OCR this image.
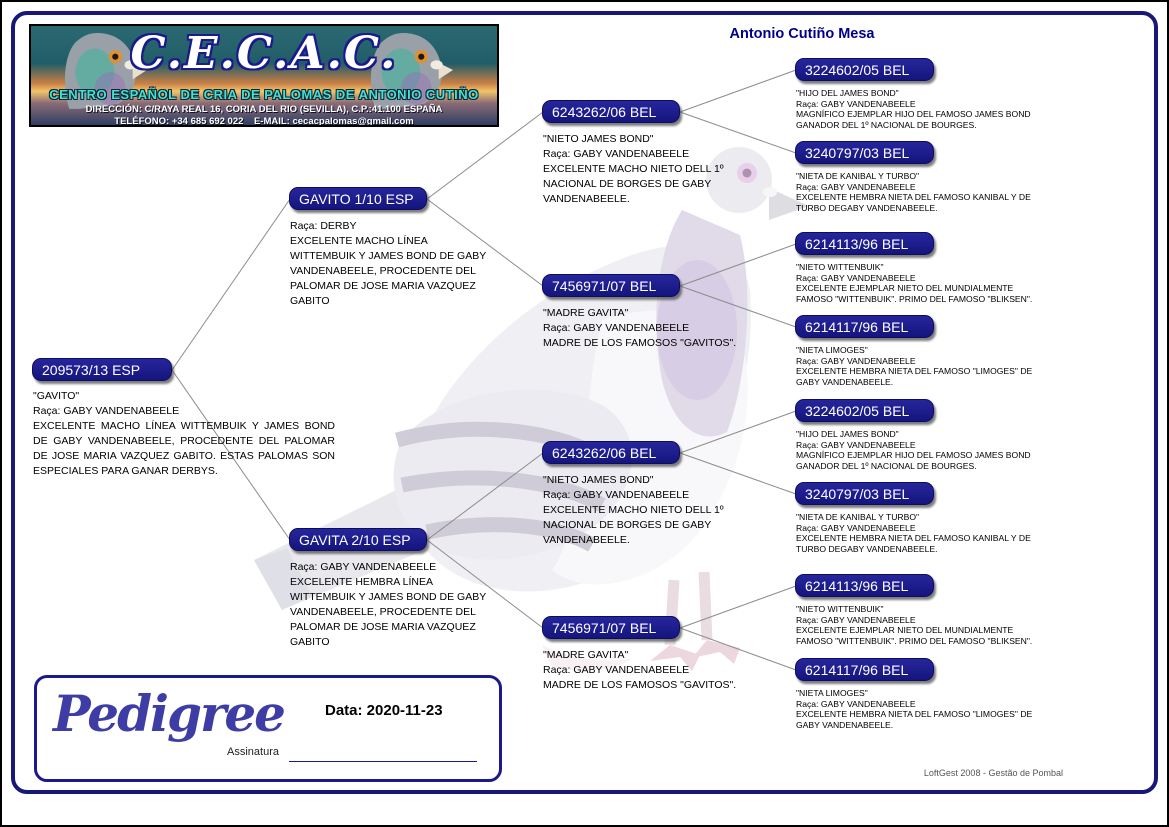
C.E.C.A.C.
CENTRO ESPAÑOL DE CRIA DE PALOMAS DE ANTONIO CUTIÑO
DIRECCIÓN: C/RAYA REAL 16, CORIA DEL RIO (SEVILLA), C.P.:41.100 ESPAÑA
TELÉFONO: +34 685 692 022    E-MAIL: cecacpalomas@gmail.com
Antonio Cutiño Mesa
209573/13 ESP
"GAVITO"
Raça: GABY VANDENABEELE
EXCELENTE MACHO LÍNEA WITTEMBUIK Y JAMES BOND DE GABY VANDENABEELE, PROCEDENTE DEL PALOMAR DE JOSE MARIA VAZQUEZ GABITO. ESTAS PALOMAS SON ESPECIALES PARA GANAR DERBYS.
GAVITO 1/10 ESP
Raça: DERBY
EXCELENTE MACHO LÍNEA WITTEMBUIK Y JAMES BOND DE GABY VANDENABEELE, PROCEDENTE DEL PALOMAR DE JOSE MARIA VAZQUEZ GABITO
GAVITA 2/10 ESP
Raça: GABY VANDENABEELE
EXCELENTE HEMBRA LÍNEA WITTEMBUIK Y JAMES BOND DE GABY VANDENABEELE, PROCEDENTE DEL PALOMAR DE JOSE MARIA VAZQUEZ GABITO
6243262/06 BEL
"NIETO JAMES BOND"
Raça: GABY VANDENABEELE
EXCELENTE MACHO NIETO DELL 1º NACIONAL DE BORGES DE GABY VANDENABEELE.
7456971/07 BEL
"MADRE GAVITA"
Raça: GABY VANDENABEELE
MADRE DE LOS FAMOSOS "GAVITOS".
6243262/06 BEL
"NIETO JAMES BOND"
Raça: GABY VANDENABEELE
EXCELENTE MACHO NIETO DELL 1º NACIONAL DE BORGES DE GABY VANDENABEELE.
7456971/07 BEL
"MADRE GAVITA"
Raça: GABY VANDENABEELE
MADRE DE LOS FAMOSOS "GAVITOS".
3224602/05 BEL
"HIJO DEL JAMES BOND"
Raça: GABY VANDENABEELE
MAGNÍFICO EJEMPLAR HIJO DEL FAMOSO JAMES BOND GANADOR DEL 1º NACIONAL DE BOURGES.
3240797/03 BEL
"NIETA DE KANIBAL Y TURBO"
Raça: GABY VANDENABEELE
EXCELENTE HEMBRA NIETA DEL FAMOSO KANIBAL Y DE TURBO DEGABY VANDENABEELE.
6214113/96 BEL
"NIETO WITTENBUIK"
Raça: GABY VANDENABEELE
EXCELENTE EJEMPLAR NIETO DEL MUNDIALMENTE FAMOSO "WITTENBUIK". PRIMO DEL FAMOSO "BLIKSEN".
6214117/96 BEL
"NIETA LIMOGES"
Raça: GABY VANDENABEELE
EXCELENTE HEMBRA NIETA DEL FAMOSO "LIMOGES" DE GABY VANDENABEELE.
3224602/05 BEL
"HIJO DEL JAMES BOND"
Raça: GABY VANDENABEELE
MAGNÍFICO EJEMPLAR HIJO DEL FAMOSO JAMES BOND GANADOR DEL 1º NACIONAL DE BOURGES.
3240797/03 BEL
"NIETA DE KANIBAL Y TURBO"
Raça: GABY VANDENABEELE
EXCELENTE HEMBRA NIETA DEL FAMOSO KANIBAL Y DE TURBO DEGABY VANDENABEELE.
6214113/96 BEL
"NIETO WITTENBUIK"
Raça: GABY VANDENABEELE
EXCELENTE EJEMPLAR NIETO DEL MUNDIALMENTE FAMOSO "WITTENBUIK". PRIMO DEL FAMOSO "BLIKSEN".
6214117/96 BEL
"NIETA LIMOGES"
Raça: GABY VANDENABEELE
EXCELENTE HEMBRA NIETA DEL FAMOSO "LIMOGES" DE GABY VANDENABEELE.
Pedigree	Data: 2020-11-23
Assinatura
LoftGest 2008 - Gestão de Pombal
